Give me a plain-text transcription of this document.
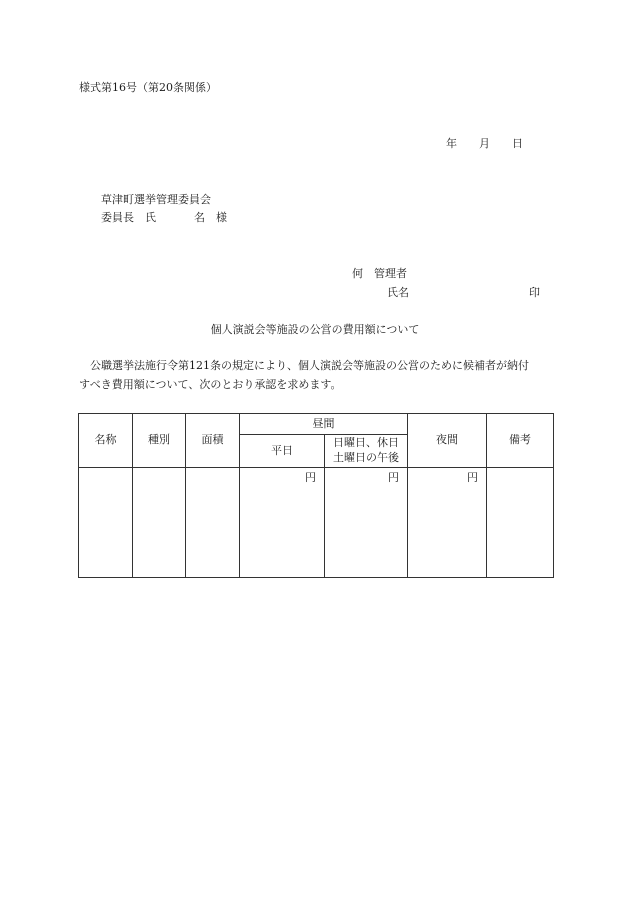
様式第16号（第20条関係）
年 月 日
草津町選挙管理委員会
委員長　氏	名 様
何　管理者
氏名	印
個人演説会等施設の公営の費用額について
公職選挙法施行令第121条の規定により、個人演説会等施設の公営のために候補者が納付
すべき費用額について、次のとおり承認を求めます。
名称	種別	面積	昼間		夜間	備考
			平日	日曜日、休日
土曜日の午後		

			円	円	円	
